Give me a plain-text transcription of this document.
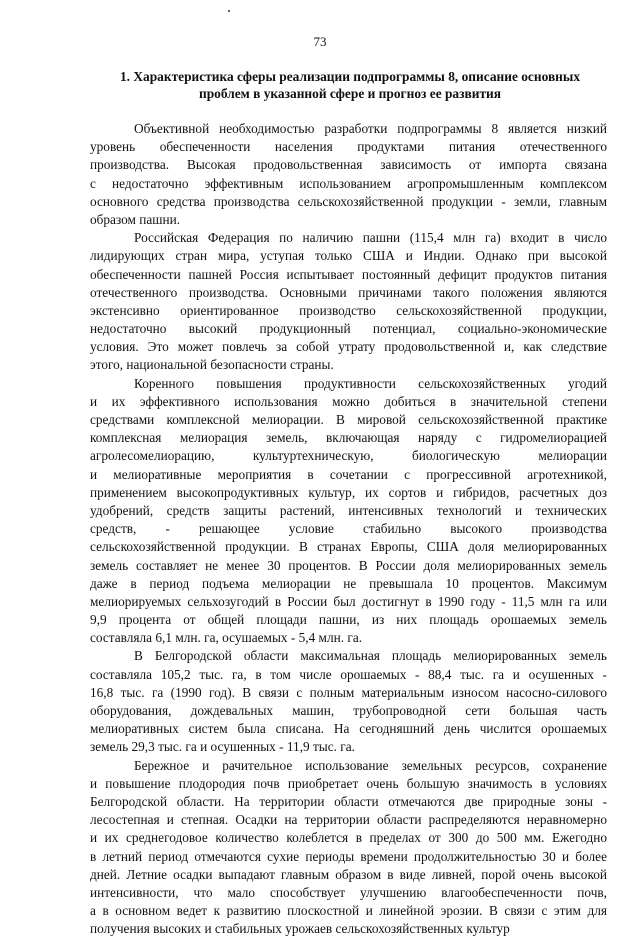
73
1. Характеристика сферы реализации подпрограммы 8, описание основных
проблем в указанной сфере и прогноз ее развития
Объективной необходимостью разработки подпрограммы 8 является низкий
уровень обеспеченности населения продуктами питания отечественного
производства. Высокая продовольственная зависимость от импорта связана
с недостаточно эффективным использованием агропромышленным комплексом
основного средства производства сельскохозяйственной продукции - земли, главным
образом пашни.
Российская Федерация по наличию пашни (115,4 млн га) входит в число
лидирующих стран мира, уступая только США и Индии. Однако при высокой
обеспеченности пашней Россия испытывает постоянный дефицит продуктов питания
отечественного производства. Основными причинами такого положения являются
экстенсивно ориентированное производство сельскохозяйственной продукции,
недостаточно высокий продукционный потенциал, социально-экономические
условия. Это может повлечь за собой утрату продовольственной и, как следствие
этого, национальной безопасности страны.
Коренного повышения продуктивности сельскохозяйственных угодий
и их эффективного использования можно добиться в значительной степени
средствами комплексной мелиорации. В мировой сельскохозяйственной практике
комплексная мелиорация земель, включающая наряду с гидромелиорацией
агролесомелиорацию, культуртехническую, биологическую мелиорации
и мелиоративные мероприятия в сочетании с прогрессивной агротехникой,
применением высокопродуктивных культур, их сортов и гибридов, расчетных доз
удобрений, средств защиты растений, интенсивных технологий и технических
средств, - решающее условие стабильно высокого производства
сельскохозяйственной продукции. В странах Европы, США доля мелиорированных
земель составляет не менее 30 процентов. В России доля мелиорированных земель
даже в период подъема мелиорации не превышала 10 процентов. Максимум
мелиорируемых сельхозугодий в России был достигнут в 1990 году - 11,5 млн га или
9,9 процента от общей площади пашни, из них площадь орошаемых земель
составляла 6,1 млн. га, осушаемых - 5,4 млн. га.
В Белгородской области максимальная площадь мелиорированных земель
составляла 105,2 тыс. га, в том числе орошаемых - 88,4 тыс. га и осушенных -
16,8 тыс. га (1990 год). В связи с полным материальным износом насосно-силового
оборудования, дождевальных машин, трубопроводной сети большая часть
мелиоративных систем была списана. На сегодняшний день числится орошаемых
земель 29,3 тыс. га и осушенных - 11,9 тыс. га.
Бережное и рачительное использование земельных ресурсов, сохранение
и повышение плодородия почв приобретает очень большую значимость в условиях
Белгородской области. На территории области отмечаются две природные зоны -
лесостепная и степная. Осадки на территории области распределяются неравномерно
и их среднегодовое количество колеблется в пределах от 300 до 500 мм. Ежегодно
в летний период отмечаются сухие периоды времени продолжительностью 30 и более
дней. Летние осадки выпадают главным образом в виде ливней, порой очень высокой
интенсивности, что мало способствует улучшению влагообеспеченности почв,
а в основном ведет к развитию плоскостной и линейной эрозии. В связи с этим для
получения высоких и стабильных урожаев сельскохозяйственных культур
